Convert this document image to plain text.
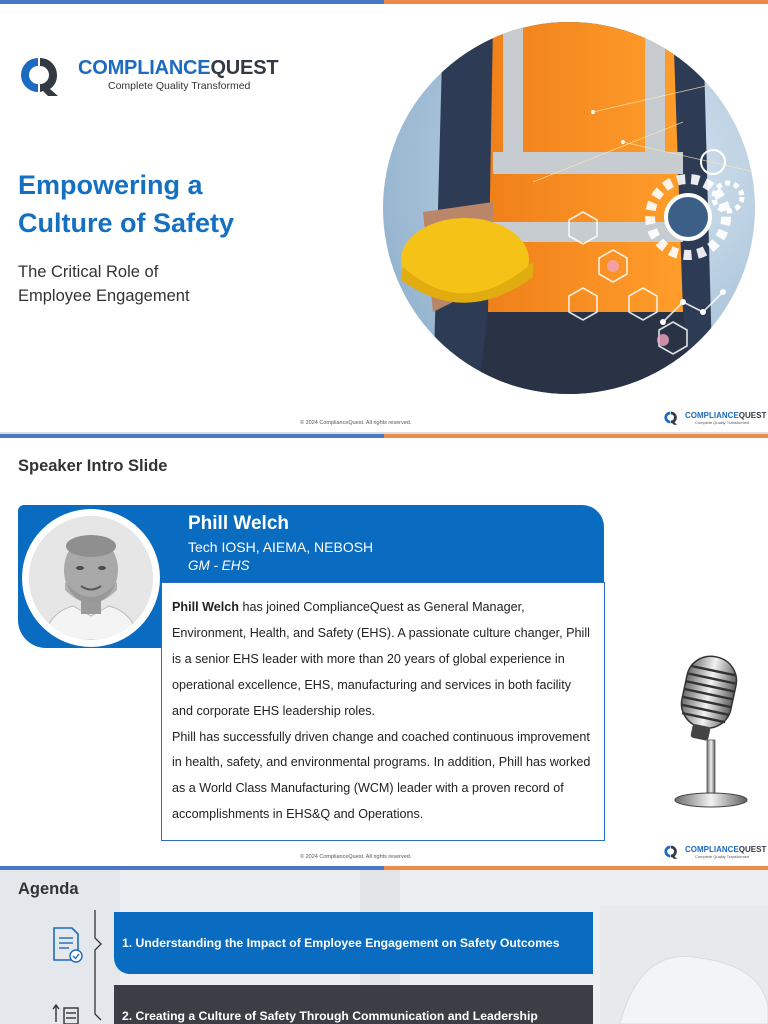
COMPLIANCEQUEST
Complete Quality Transformed
Empowering a
Culture of Safety
The Critical Role of
Employee Engagement
© 2024 ComplianceQuest. All rights reserved.
COMPLIANCEQUEST
Complete Quality Transformed
Speaker Intro Slide
Phill Welch
Tech IOSH, AIEMA, NEBOSH
GM - EHS

Phill Welch has joined ComplianceQuest as General Manager, Environment, Health, and Safety (EHS). A passionate culture changer, Phill is a senior EHS leader with more than 20 years of global experience in operational excellence, EHS, manufacturing and services in both facility and corporate EHS leadership roles.

Phill has successfully driven change and coached continuous improvement in health, safety, and environmental programs. In addition, Phill has worked as a World Class Manufacturing (WCM) leader with a proven record of accomplishments in EHS&Q and Operations.

© 2024 ComplianceQuest. All rights reserved.
COMPLIANCEQUEST
Complete Quality Transformed
Agenda
1. Understanding the Impact of Employee Engagement on Safety Outcomes
2. Creating a Culture of Safety Through Communication and Leadership
